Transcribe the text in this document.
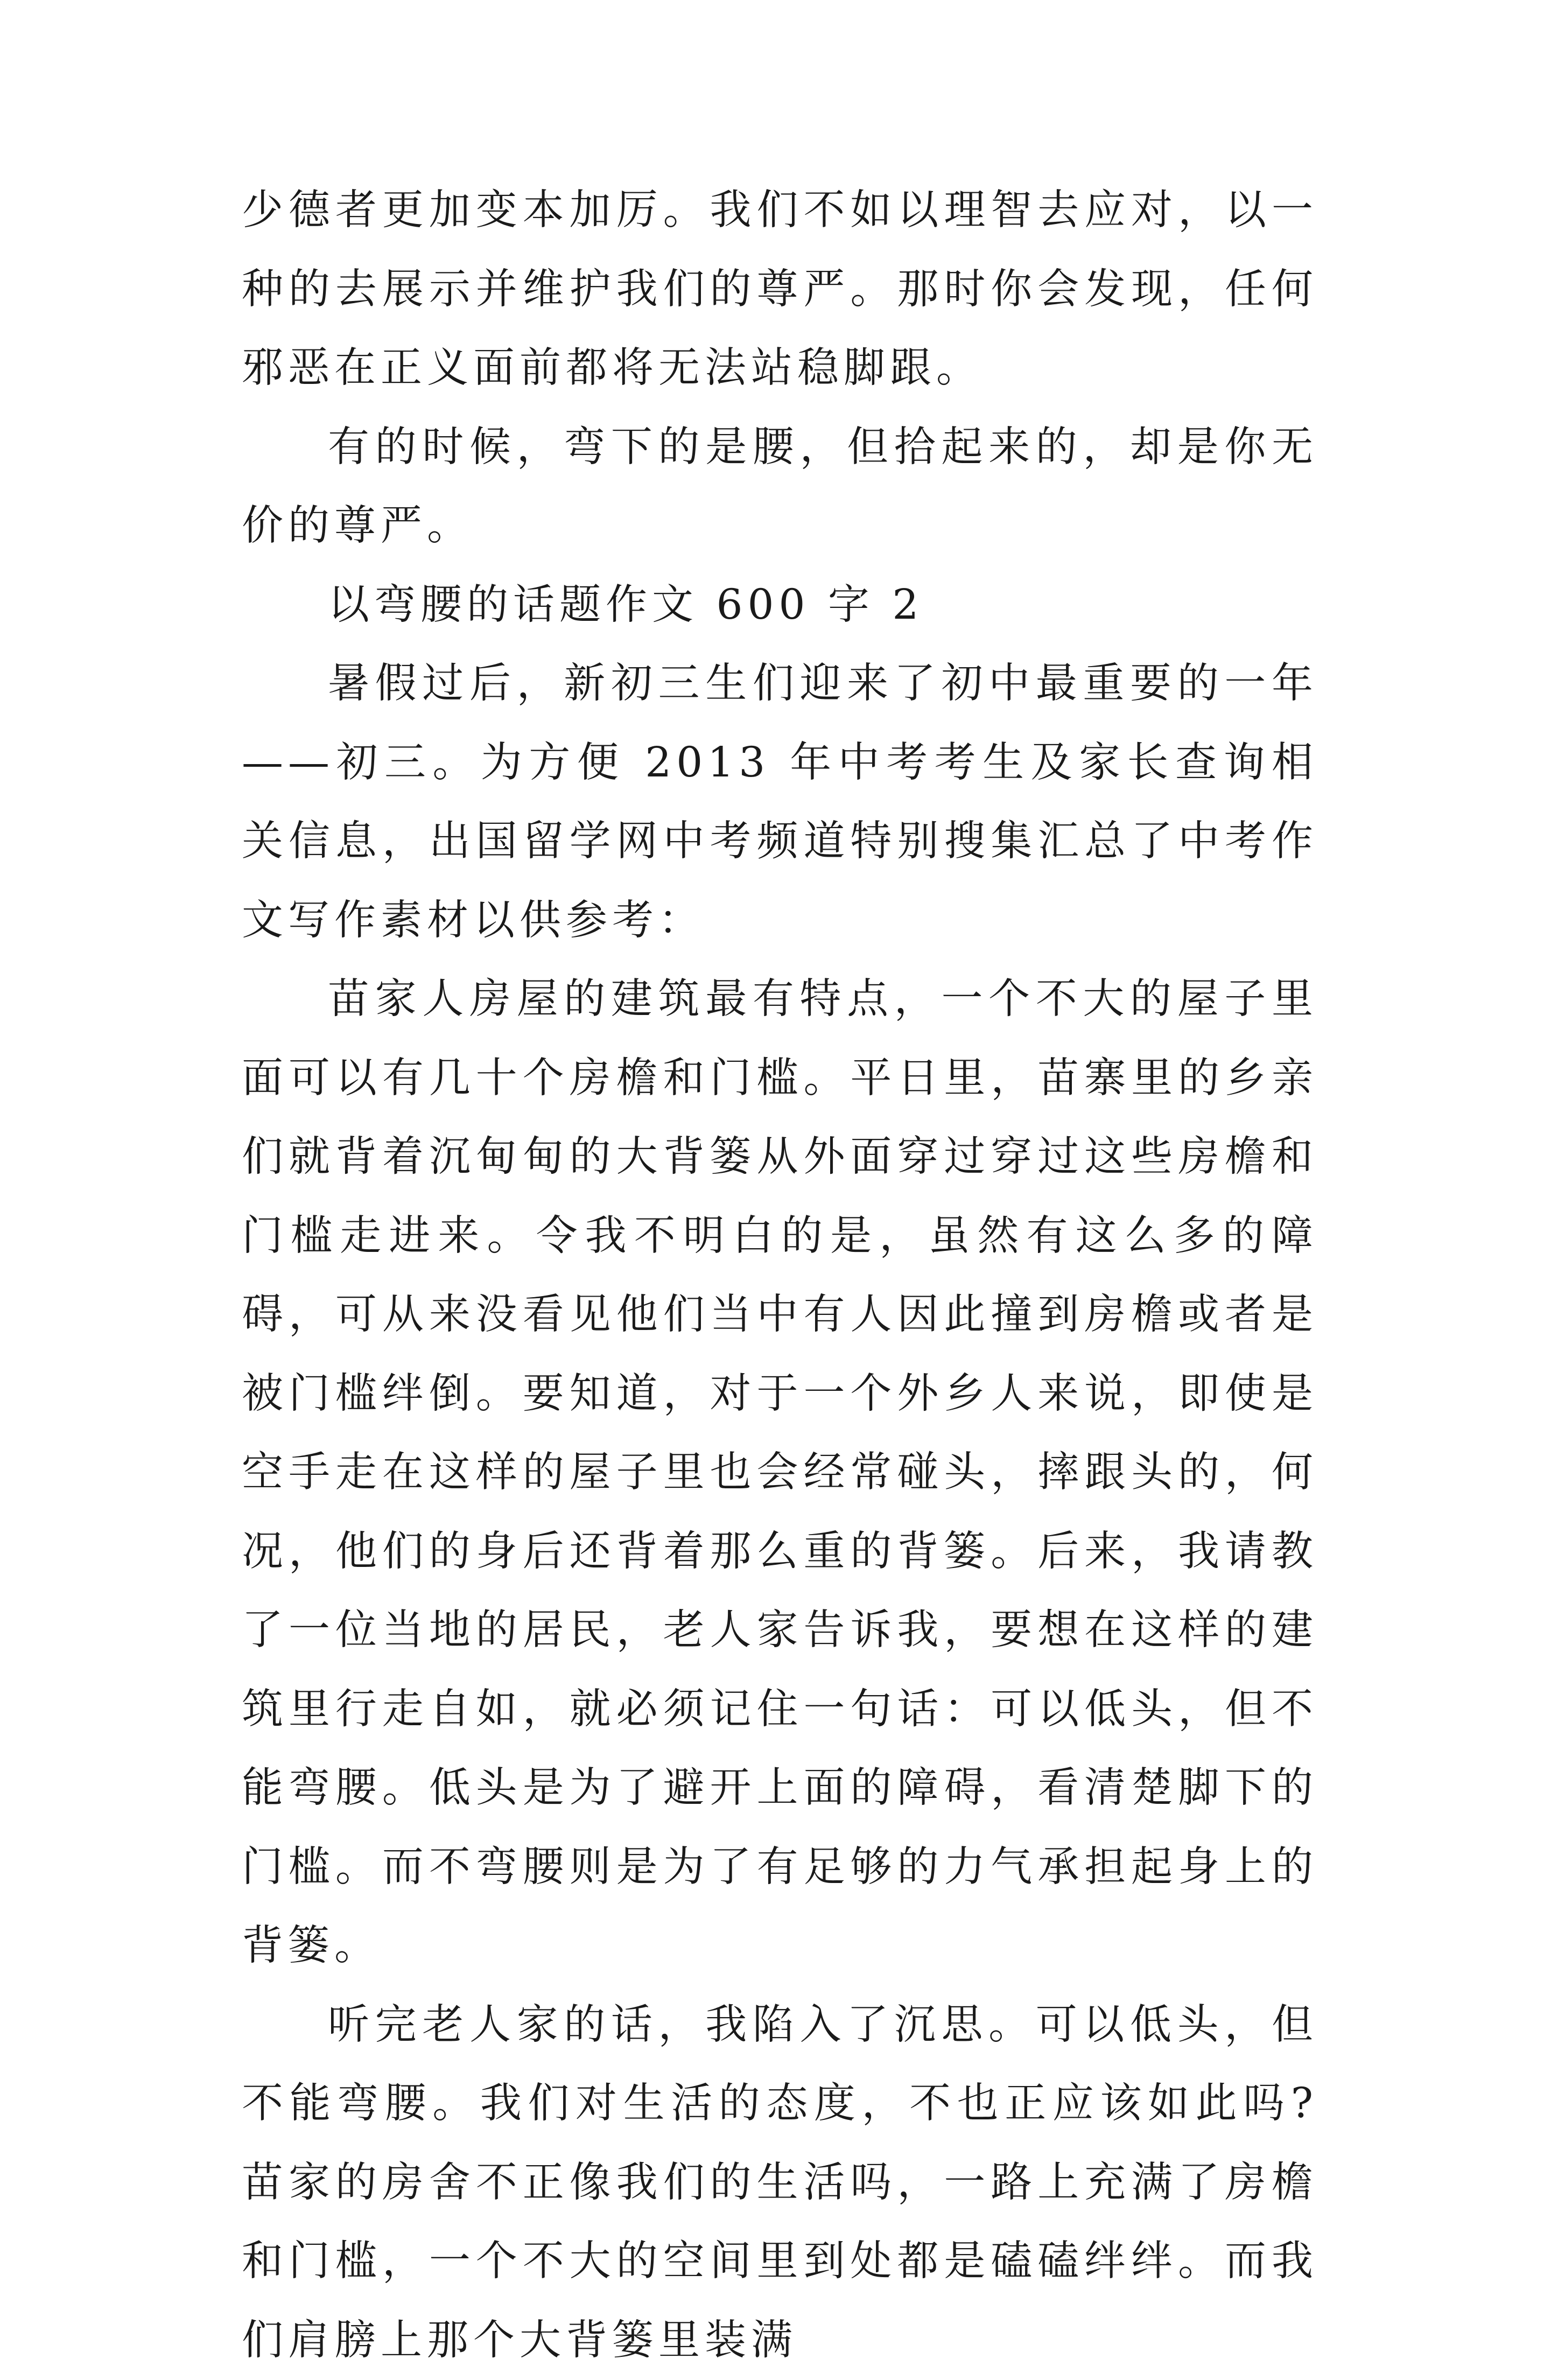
少德者更加变本加厉。我们不如以理智去应对，以一种的去展示并维护我们的尊严。那时你会发现，任何邪恶在正义面前都将无法站稳脚跟。

有的时候，弯下的是腰，但拾起来的，却是你无价的尊严。

以弯腰的话题作文 600 字 2

暑假过后，新初三生们迎来了初中最重要的一年——初三。为方便 2013 年中考考生及家长查询相关信息，出国留学网中考频道特别搜集汇总了中考作文写作素材以供参考：

苗家人房屋的建筑最有特点，一个不大的屋子里面可以有几十个房檐和门槛。平日里，苗寨里的乡亲们就背着沉甸甸的大背篓从外面穿过穿过这些房檐和门槛走进来。令我不明白的是，虽然有这么多的障碍，可从来没看见他们当中有人因此撞到房檐或者是被门槛绊倒。要知道，对于一个外乡人来说，即使是空手走在这样的屋子里也会经常碰头，摔跟头的，何况，他们的身后还背着那么重的背篓。后来，我请教了一位当地的居民，老人家告诉我，要想在这样的建筑里行走自如，就必须记住一句话：可以低头，但不能弯腰。低头是为了避开上面的障碍，看清楚脚下的门槛。而不弯腰则是为了有足够的力气承担起身上的背篓。

听完老人家的话，我陷入了沉思。可以低头，但不能弯腰。我们对生活的态度，不也正应该如此吗?苗家的房舍不正像我们的生活吗，一路上充满了房檐和门槛，一个不大的空间里到处都是磕磕绊绊。而我们肩膀上那个大背篓里装满
